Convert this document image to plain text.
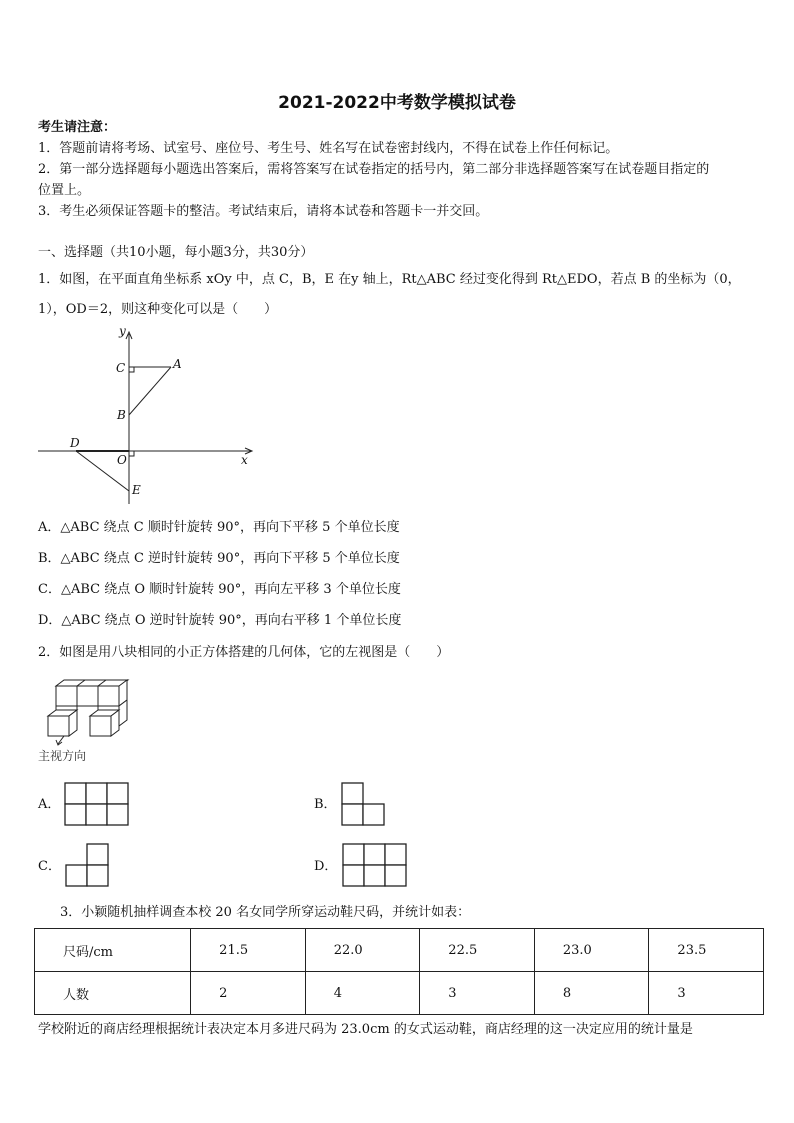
2021-2022中考数学模拟试卷
考生请注意：
1．答题前请将考场、试室号、座位号、考生号、姓名写在试卷密封线内，不得在试卷上作任何标记。
2．第一部分选择题每小题选出答案后，需将答案写在试卷指定的括号内，第二部分非选择题答案写在试卷题目指定的
位置上。
3．考生必须保证答题卡的整洁。考试结束后，请将本试卷和答题卡一并交回。
一、选择题（共10小题，每小题3分，共30分）
1．如图，在平面直角坐标系 xOy 中，点 C，B，E 在y 轴上，Rt△ABC 经过变化得到 Rt△EDO，若点 B 的坐标为（0，
1），OD＝2，则这种变化可以是（　　）
y
x
C	A
B
D
O
E
A．△ABC 绕点 C 顺时针旋转 90°，再向下平移 5 个单位长度
B．△ABC 绕点 C 逆时针旋转 90°，再向下平移 5 个单位长度
C．△ABC 绕点 O 顺时针旋转 90°，再向左平移 3 个单位长度
D．△ABC 绕点 O 逆时针旋转 90°，再向右平移 1 个单位长度
2．如图是用八块相同的小正方体搭建的几何体，它的左视图是（　　）
主视方向
A．	B．
C．	D．
3．小颖随机抽样调查本校 20 名女同学所穿运动鞋尺码，并统计如表：
尺码/cm	21.5	22.0	22.5	23.0	23.5
人数	2	4	3	8	3
学校附近的商店经理根据统计表决定本月多进尺码为 23.0cm 的女式运动鞋，商店经理的这一决定应用的统计量是
